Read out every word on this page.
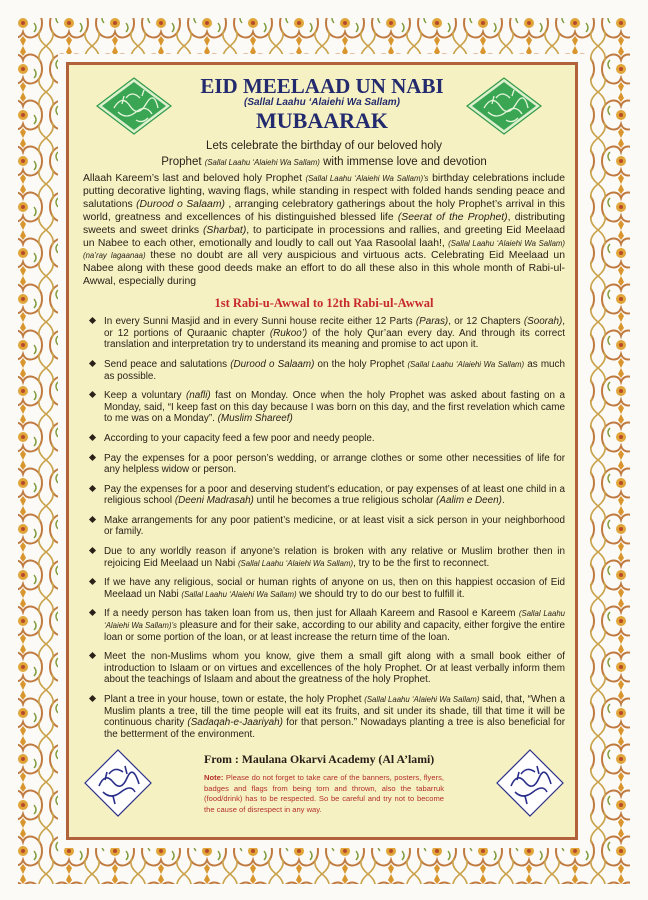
EID MEELAAD UN NABI
(Sallal Laahu ‘Alaiehi Wa Sallam)
MUBAARAK
Lets celebrate the birthday of our beloved holy
Prophet (Sallal Laahu ‘Alaiehi Wa Sallam) with immense love and devotion
Allaah Kareem’s last and beloved holy Prophet (Sallal Laahu ‘Alaiehi Wa Sallam)’s birthday celebrations include putting decorative lighting, waving flags, while standing in respect with folded hands sending peace and salutations (Durood o Salaam) , arranging celebratory gatherings about the holy Prophet’s arrival in this world, greatness and excellences of his distinguished blessed life (Seerat of the Prophet), distributing sweets and sweet drinks (Sharbat), to participate in processions and rallies, and greeting Eid Meelaad un Nabee to each other, emotionally and loudly to call out Yaa Rasoolal laah!, (Sallal Laahu ‘Alaiehi Wa Sallam) (na’ray lagaanaa) these no doubt are all very auspicious and virtuous acts. Celebrating Eid Meelaad un Nabee along with these good deeds make an effort to do all these also in this whole month of Rabi-ul-Awwal, especially during
1st Rabi-u-Awwal to 12th Rabi-ul-Awwal
In every Sunni Masjid and in every Sunni house recite either 12 Parts (Paras), or 12 Chapters (Soorah), or 12 portions of Quraanic chapter (Rukoo’) of the holy Qur’aan every day. And through its correct translation and interpretation try to understand its meaning and promise to act upon it.
Send peace and salutations (Durood o Salaam) on the holy Prophet (Sallal Laahu ‘Alaiehi Wa Sallam) as much as possible.
Keep a voluntary (nafli) fast on Monday. Once when the holy Prophet was asked about fasting on a Monday, said, “I keep fast on this day because I was born on this day, and the first revelation which came to me was on a Monday”. (Muslim Shareef)
According to your capacity feed a few poor and needy people.
Pay the expenses for a poor person’s wedding, or arrange clothes or some other necessities of life for any helpless widow or person.
Pay the expenses for a poor and deserving student’s education, or pay expenses of at least one child in a religious school (Deeni Madrasah) until he becomes a true religious scholar (Aalim e Deen).
Make arrangements for any poor patient’s medicine, or at least visit a sick person in your neighborhood or family.
Due to any worldly reason if anyone’s relation is broken with any relative or Muslim brother then in rejoicing Eid Meelaad un Nabi (Sallal Laahu ‘Alaiehi Wa Sallam), try to be the first to reconnect.
If we have any religious, social or human rights of anyone on us, then on this happiest occasion of Eid Meelaad un Nabi (Sallal Laahu ‘Alaiehi Wa Sallam) we should try to do our best to fulfill it.
If a needy person has taken loan from us, then just for Allaah Kareem and Rasool e Kareem (Sallal Laahu ‘Alaiehi Wa Sallam)’s pleasure and for their sake, according to our ability and capacity, either forgive the entire loan or some portion of the loan, or at least increase the return time of the loan.
Meet the non-Muslims whom you know, give them a small gift along with a small book either of introduction to Islaam or on virtues and excellences of the holy Prophet. Or at least verbally inform them about the teachings of Islaam and about the greatness of the holy Prophet.
Plant a tree in your house, town or estate, the holy Prophet (Sallal Laahu ‘Alaiehi Wa Sallam) said, that, “When a Muslim plants a tree, till the time people will eat its fruits, and sit under its shade, till that time it will be continuous charity (Sadaqah-e-Jaariyah) for that person.” Nowadays planting a tree is also beneficial for the betterment of the environment.
From : Maulana Okarvi Academy (Al A’lami)
Note: Please do not forget to take care of the banners, posters, flyers, badges and flags from being torn and thrown, also the tabarruk (food/drink) has to be respected. So be careful and try not to become the cause of disrespect in any way.
